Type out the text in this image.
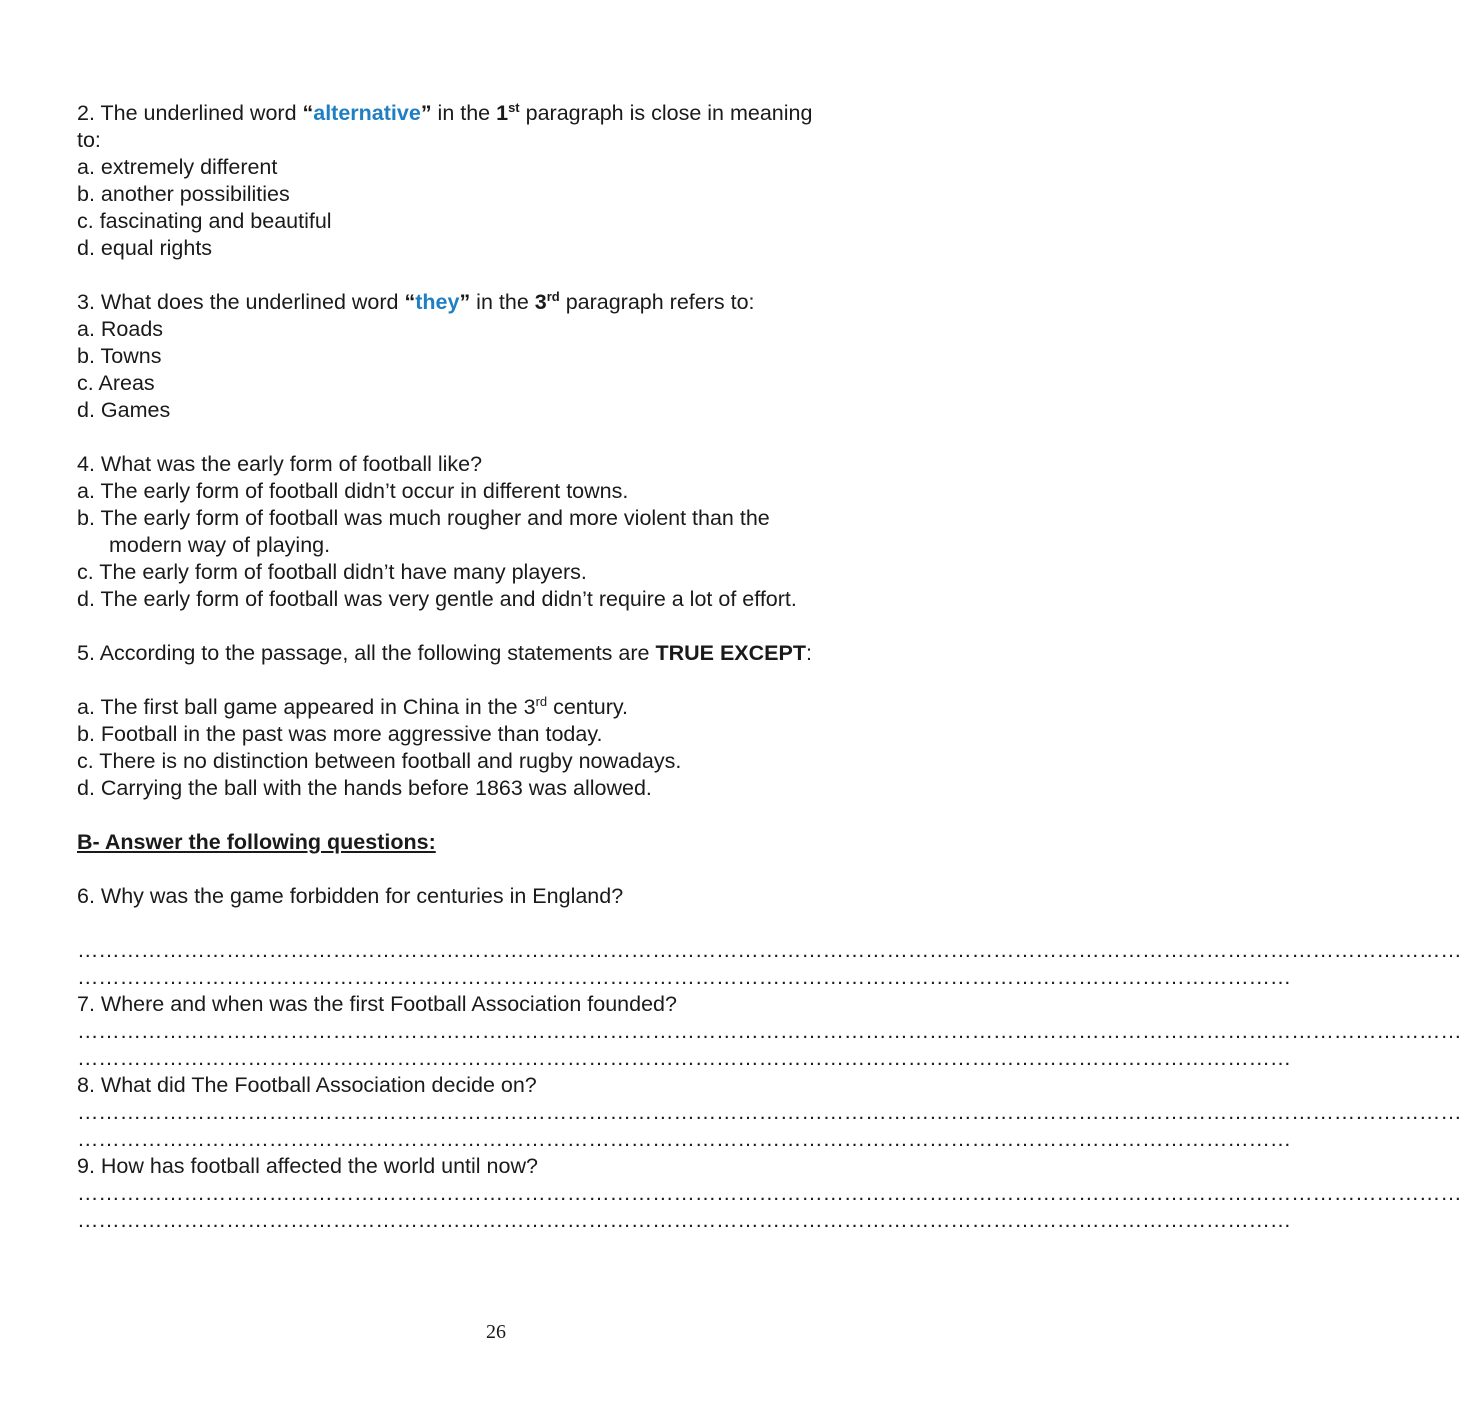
2. The underlined word “alternative” in the 1st paragraph is close in meaning
to:
a. extremely different
b. another possibilities
c. fascinating and beautiful
d. equal rights
3. What does the underlined word “they” in the 3rd paragraph refers to:
a. Roads
b. Towns
c. Areas
d. Games
4. What was the early form of football like?
a. The early form of football didn’t occur in different towns.
b. The early form of football was much rougher and more violent than the
modern way of playing.
c. The early form of football didn’t have many players.
d. The early form of football was very gentle and didn’t require a lot of effort.
5. According to the passage, all the following statements are TRUE EXCEPT:
a. The first ball game appeared in China in the 3rd century.
b. Football in the past was more aggressive than today.
c. There is no distinction between football and rugby nowadays.
d. Carrying the ball with the hands before 1863 was allowed.
B- Answer the following questions:
6. Why was the game forbidden for centuries in England?
……………………………………………………………………………………………………………………………………………………………………………
………………………………………………………………………………………………………………………………………………………
7. Where and when was the first Football Association founded?
……………………………………………………………………………………………………………………………………………………………………………
………………………………………………………………………………………………………………………………………………………
8. What did The Football Association decide on?
……………………………………………………………………………………………………………………………………………………………………………
………………………………………………………………………………………………………………………………………………………
9. How has football affected the world until now?
……………………………………………………………………………………………………………………………………………………………………………
………………………………………………………………………………………………………………………………………………………
26
